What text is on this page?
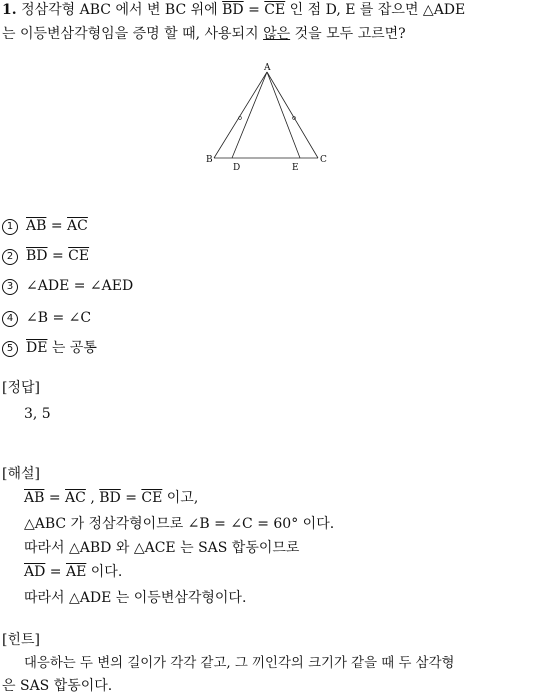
1. 정삼각형 ABC 에서 변 BC 위에 $\overline{BD} = \overline{CE}$ 인 점 D, E 를 잡으면 △ADE
는 이등변삼각형임을 증명 할 때, 사용되지 않은 것을 모두 고르면?
A
B	C
D	E
1 $\overline{AB} = \overline{AC}$
2 $\overline{BD} = \overline{CE}$
3 ∠ADE = ∠AED
4 ∠B = ∠C
5 $\overline{DE}$ 는 공통
[정답]
3, 5
[해설]
$\overline{AB} = \overline{AC}$ , $\overline{BD} = \overline{CE}$ 이고,
△ABC 가 정삼각형이므로 ∠B = ∠C = 60° 이다.
따라서 △ABD 와 △ACE 는 SAS 합동이므로
$\overline{AD} = \overline{AE}$ 이다.
따라서 △ADE 는 이등변삼각형이다.
[힌트]
대응하는 두 변의 길이가 각각 같고, 그 끼인각의 크기가 같을 때 두 삼각형
은 SAS 합동이다.
